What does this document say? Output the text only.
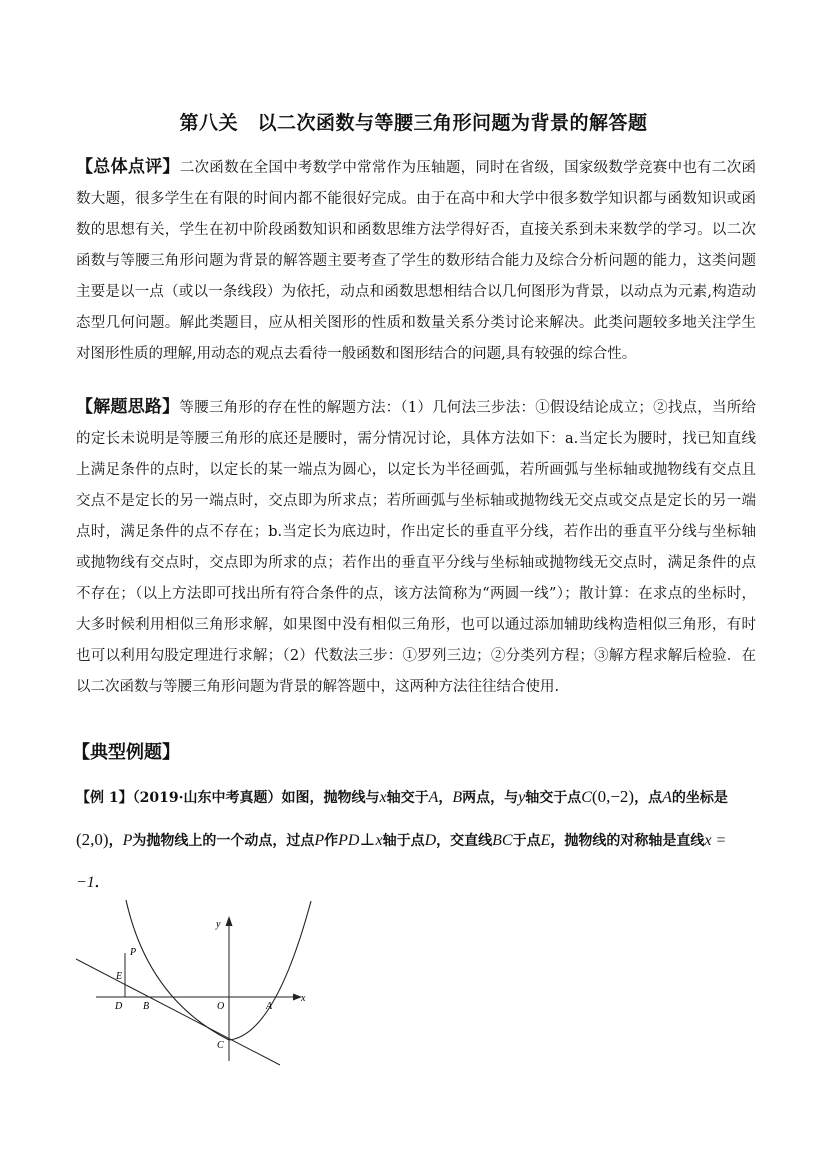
第八关　以二次函数与等腰三角形问题为背景的解答题
【总体点评】二次函数在全国中考数学中常常作为压轴题，同时在省级，国家级数学竞赛中也有二次函数大题，很多学生在有限的时间内都不能很好完成。由于在高中和大学中很多数学知识都与函数知识或函数的思想有关，学生在初中阶段函数知识和函数思维方法学得好否，直接关系到未来数学的学习。以二次函数与等腰三角形问题为背景的解答题主要考查了学生的数形结合能力及综合分析问题的能力，这类问题主要是以一点（或以一条线段）为依托，动点和函数思想相结合以几何图形为背景，以动点为元素,构造动态型几何问题。解此类题目，应从相关图形的性质和数量关系分类讨论来解决。此类问题较多地关注学生对图形性质的理解,用动态的观点去看待一般函数和图形结合的问题,具有较强的综合性。
【解题思路】等腰三角形的存在性的解题方法：（1）几何法三步法：①假设结论成立；②找点，当所给的定长未说明是等腰三角形的底还是腰时，需分情况讨论，具体方法如下：a.当定长为腰时，找已知直线上满足条件的点时，以定长的某一端点为圆心，以定长为半径画弧，若所画弧与坐标轴或抛物线有交点且交点不是定长的另一端点时，交点即为所求点；若所画弧与坐标轴或抛物线无交点或交点是定长的另一端点时，满足条件的点不存在；b.当定长为底边时，作出定长的垂直平分线，若作出的垂直平分线与坐标轴或抛物线有交点时，交点即为所求的点；若作出的垂直平分线与坐标轴或抛物线无交点时，满足条件的点不存在；（以上方法即可找出所有符合条件的点，该方法简称为“两圆一线”）；散计算：在求点的坐标时，大多时候利用相似三角形求解，如果图中没有相似三角形，也可以通过添加辅助线构造相似三角形，有时也可以利用勾股定理进行求解；（2）代数法三步：①罗列三边；②分类列方程；③解方程求解后检验．在以二次函数与等腰三角形问题为背景的解答题中，这两种方法往往结合使用.
【典型例题】
【例 1】（2019·山东中考真题）如图，抛物线与x轴交于A，B两点，与y轴交于点C(0,−2)，点A的坐标是(2,0)，P为抛物线上的一个动点，过点P作PD⊥x轴于点D，交直线BC于点E，抛物线的对称轴是直线x = −1．
y
x
P
E
D B	O	A
C
